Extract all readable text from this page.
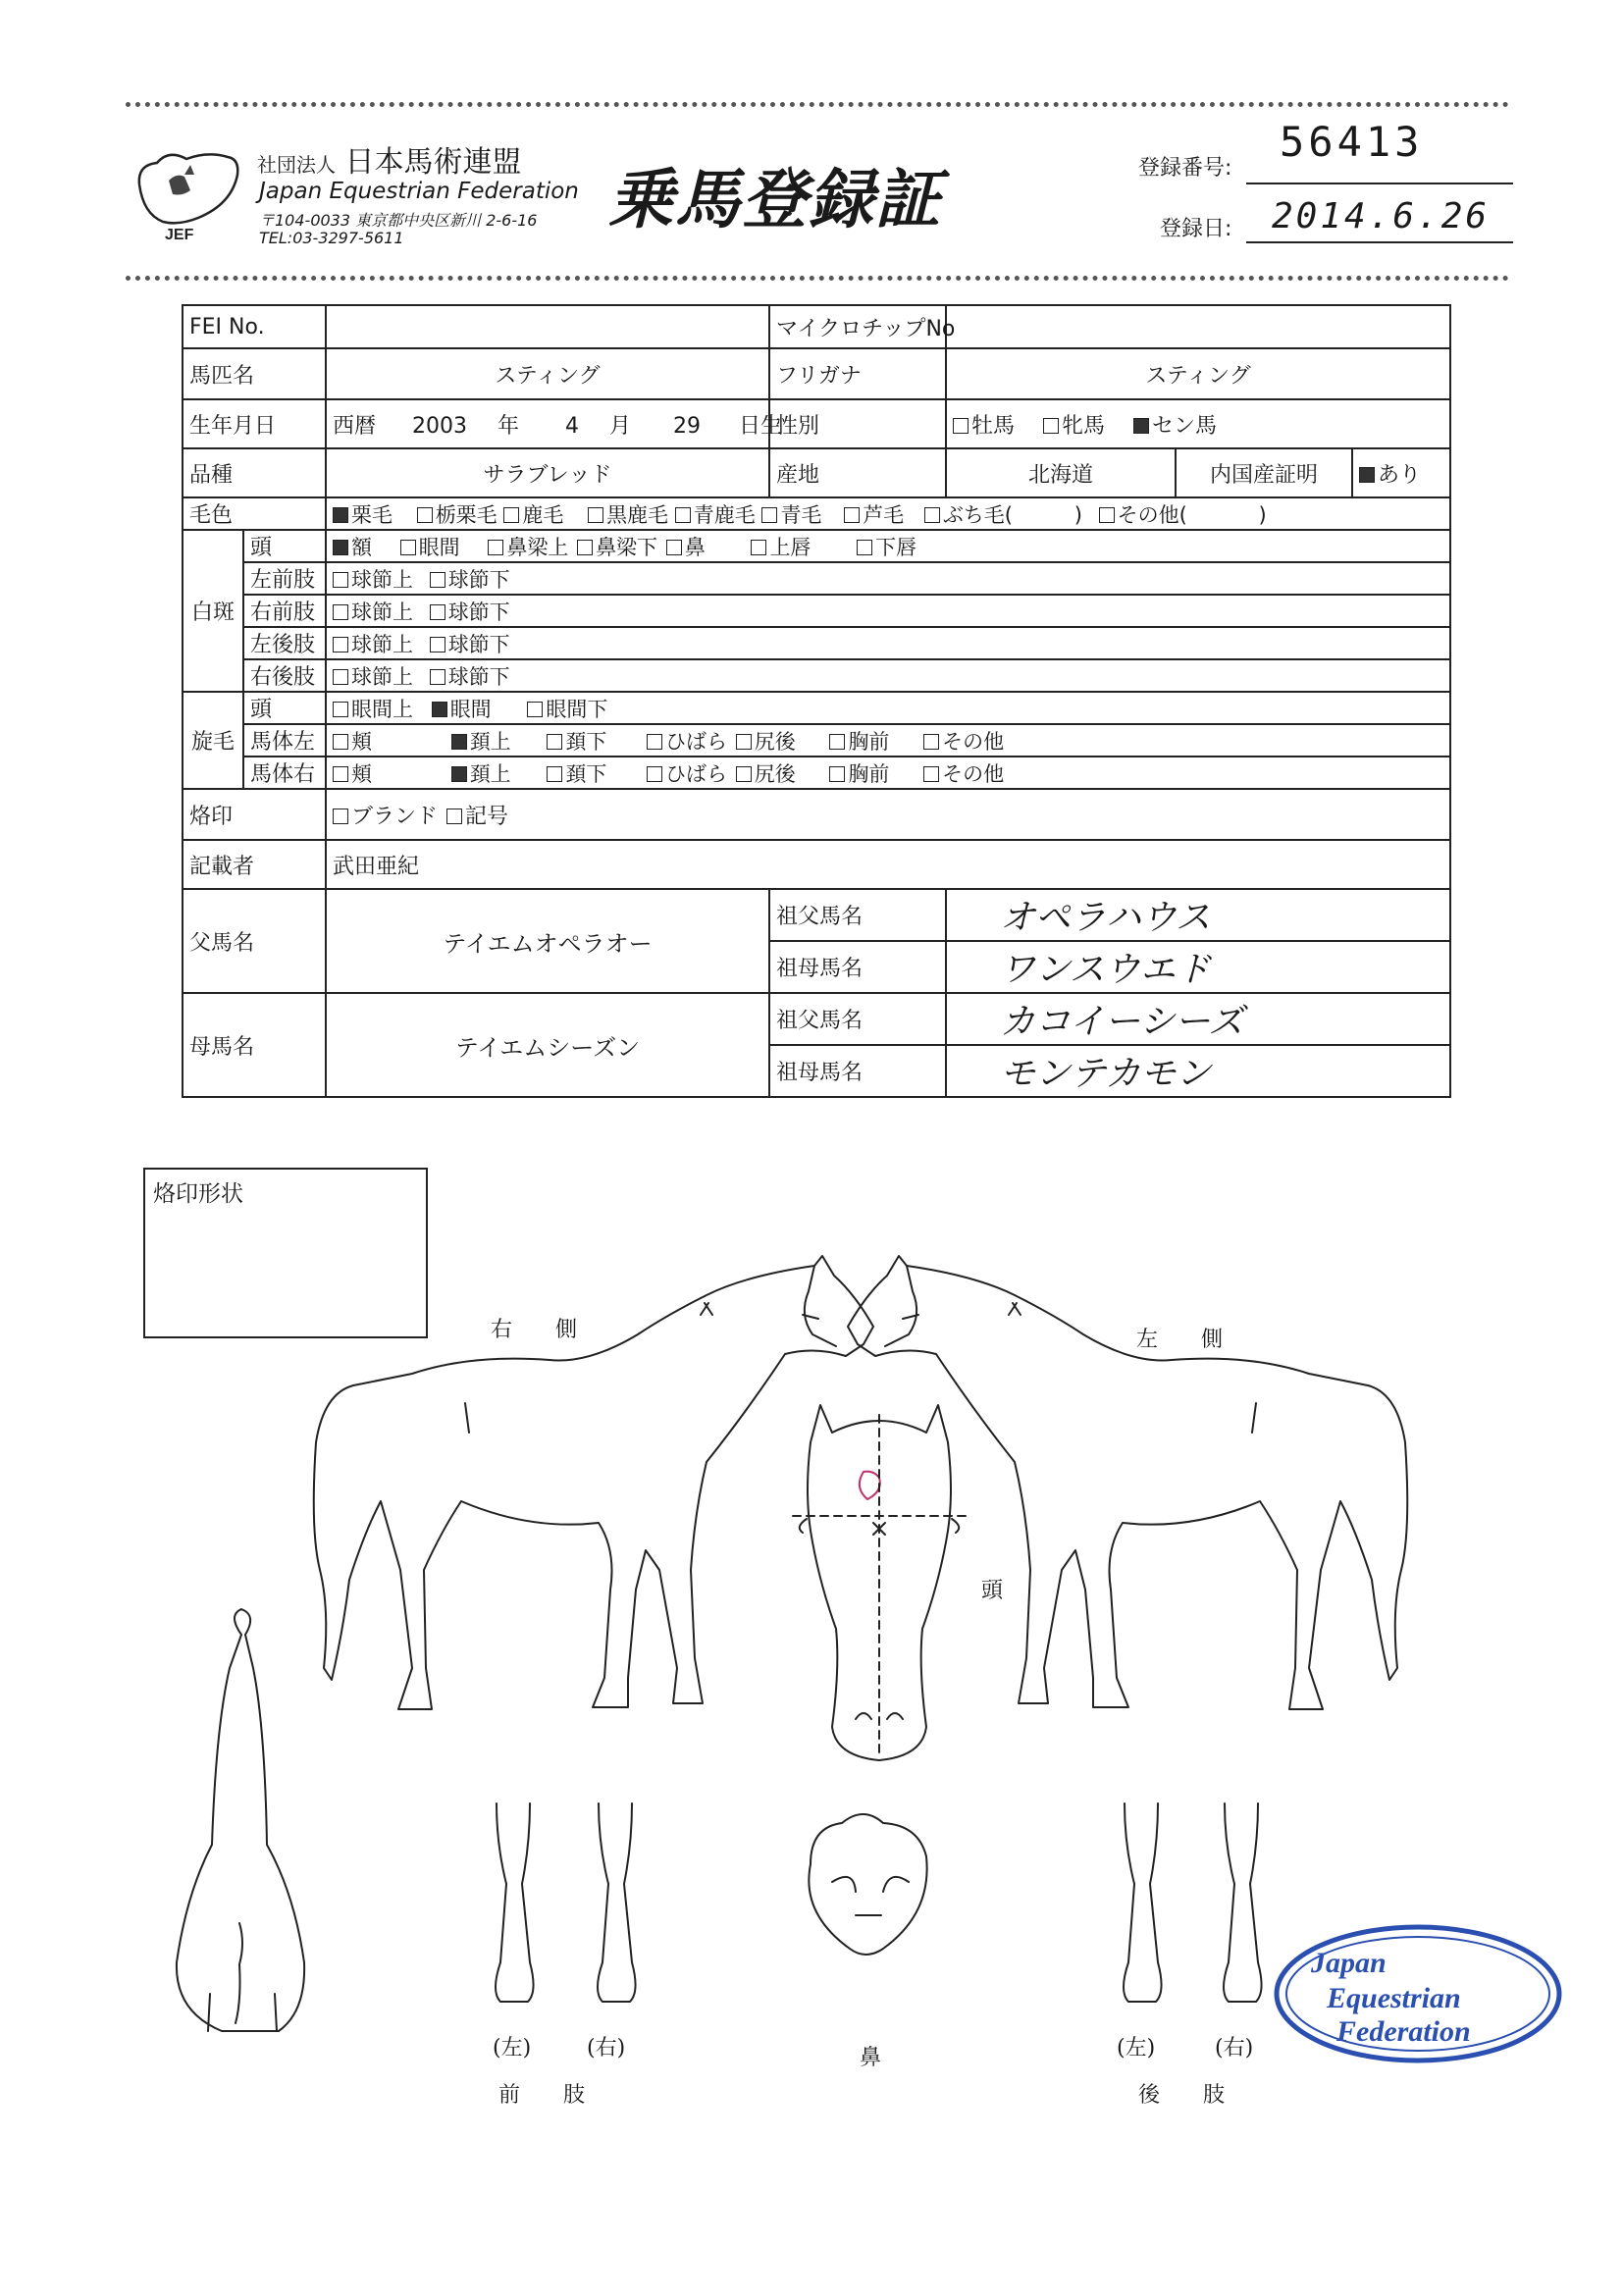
JEF
社団法人 日本馬術連盟
Japan Equestrian Federation
〒104-0033 東京都中央区新川 2-6-16
TEL:03-3297-5611
乗馬登録証	登録番号:
56413
登録日: 2014.6.26
FEI No.			マイクロチップNo			
馬匹名		スティング	フリガナ	スティング		
生年月日		西暦 2003 年 4 月 29 日生	性別	牡馬 牝馬 セン馬		
品種		サラブレッド	産地	北海道	内国産証明	あり
毛色		栗毛 栃栗毛 鹿毛 黒鹿毛 青鹿毛 青毛 芦毛 ぶち毛( ) その他( )				
白斑	頭	額 眼間 鼻梁上 鼻梁下 鼻 上唇 下唇				
	左前肢	球節上 球節下				
	右前肢	球節上 球節下				
	左後肢	球節上 球節下				
	右後肢	球節上 球節下				
旋毛	頭	眼間上 眼間 眼間下				
	馬体左	頬 頚上 頚下 ひばら 尻後 胸前 その他				
	馬体右	頬 頚上 頚下 ひばら 尻後 胸前 その他				
烙印		ブランド 記号				
記載者		武田亜紀				
父馬名		テイエムオペラオー	祖父馬名	オペラハウス		
			祖母馬名	ワンスウエド		
母馬名		テイエムシーズン	祖父馬名	カコイーシーズ		
			祖母馬名	モンテカモン		
烙印形状
右　　側	左　　側
頭
鼻
(左)	(右)
前　　肢
(左)	(右)
後　　肢
Japan
Equestrian
Federation
